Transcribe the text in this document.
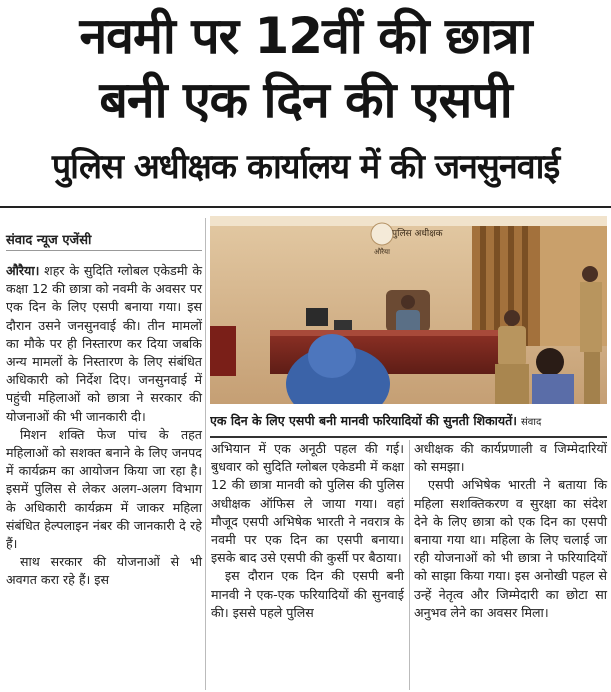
नवमी पर 12वीं की छात्रा
बनी एक दिन की एसपी
पुलिस अधीक्षक कार्यालय में की जनसुनवाई
संवाद न्यूज एजेंसी

औरैया। शहर के सुदिति ग्लोबल एकेडमी के कक्षा 12 की छात्रा को नवमी के अवसर पर एक दिन के लिए एसपी बनाया गया। इस दौरान उसने जनसुनवाई की। तीन मामलों का मौके पर ही निस्तारण कर दिया जबकि अन्य मामलों के निस्तारण के लिए संबंधित अधिकारी को निर्देश दिए। जनसुनवाई में पहुंची महिलाओं को छात्रा ने सरकार की योजनाओं की भी जानकारी दी।

मिशन शक्ति फेज पांच के तहत महिलाओं को सशक्त बनाने के लिए जनपद में कार्यक्रम का आयोजन किया जा रहा है। इसमें पुलिस से लेकर अलग-अलग विभाग के अधिकारी कार्यक्रम में जाकर महिला संबंधित हेल्पलाइन नंबर की जानकारी दे रहे हैं।

साथ सरकार की योजनाओं से भी अवगत करा रहे हैं। इस

पुलिस अधीक्षक
औरैया
एक दिन के लिए एसपी बनी मानवी फरियादियों की सुनती शिकायतें। संवाद

अभियान में एक अनूठी पहल की गई। बुधवार को सुदिति ग्लोबल एकेडमी में कक्षा 12 की छात्रा मानवी को पुलिस की पुलिस अधीक्षक ऑफिस ले जाया गया। वहां मौजूद एसपी अभिषेक भारती ने नवरात्र के नवमी पर एक दिन का एसपी बनाया। इसके बाद उसे एसपी की कुर्सी पर बैठाया।

इस दौरान एक दिन की एसपी बनी मानवी ने एक-एक फरियादियों की सुनवाई की। इससे पहले पुलिस

अधीक्षक की कार्यप्रणाली व जिम्मेदारियों को समझा।

एसपी अभिषेक भारती ने बताया कि महिला सशक्तिकरण व सुरक्षा का संदेश देने के लिए छात्रा को एक दिन का एसपी बनाया गया था। महिला के लिए चलाई जा रही योजनाओं को भी छात्रा ने फरियादियों को साझा किया गया। इस अनोखी पहल से उन्हें नेतृत्व और जिम्मेदारी का छोटा सा अनुभव लेने का अवसर मिला।
